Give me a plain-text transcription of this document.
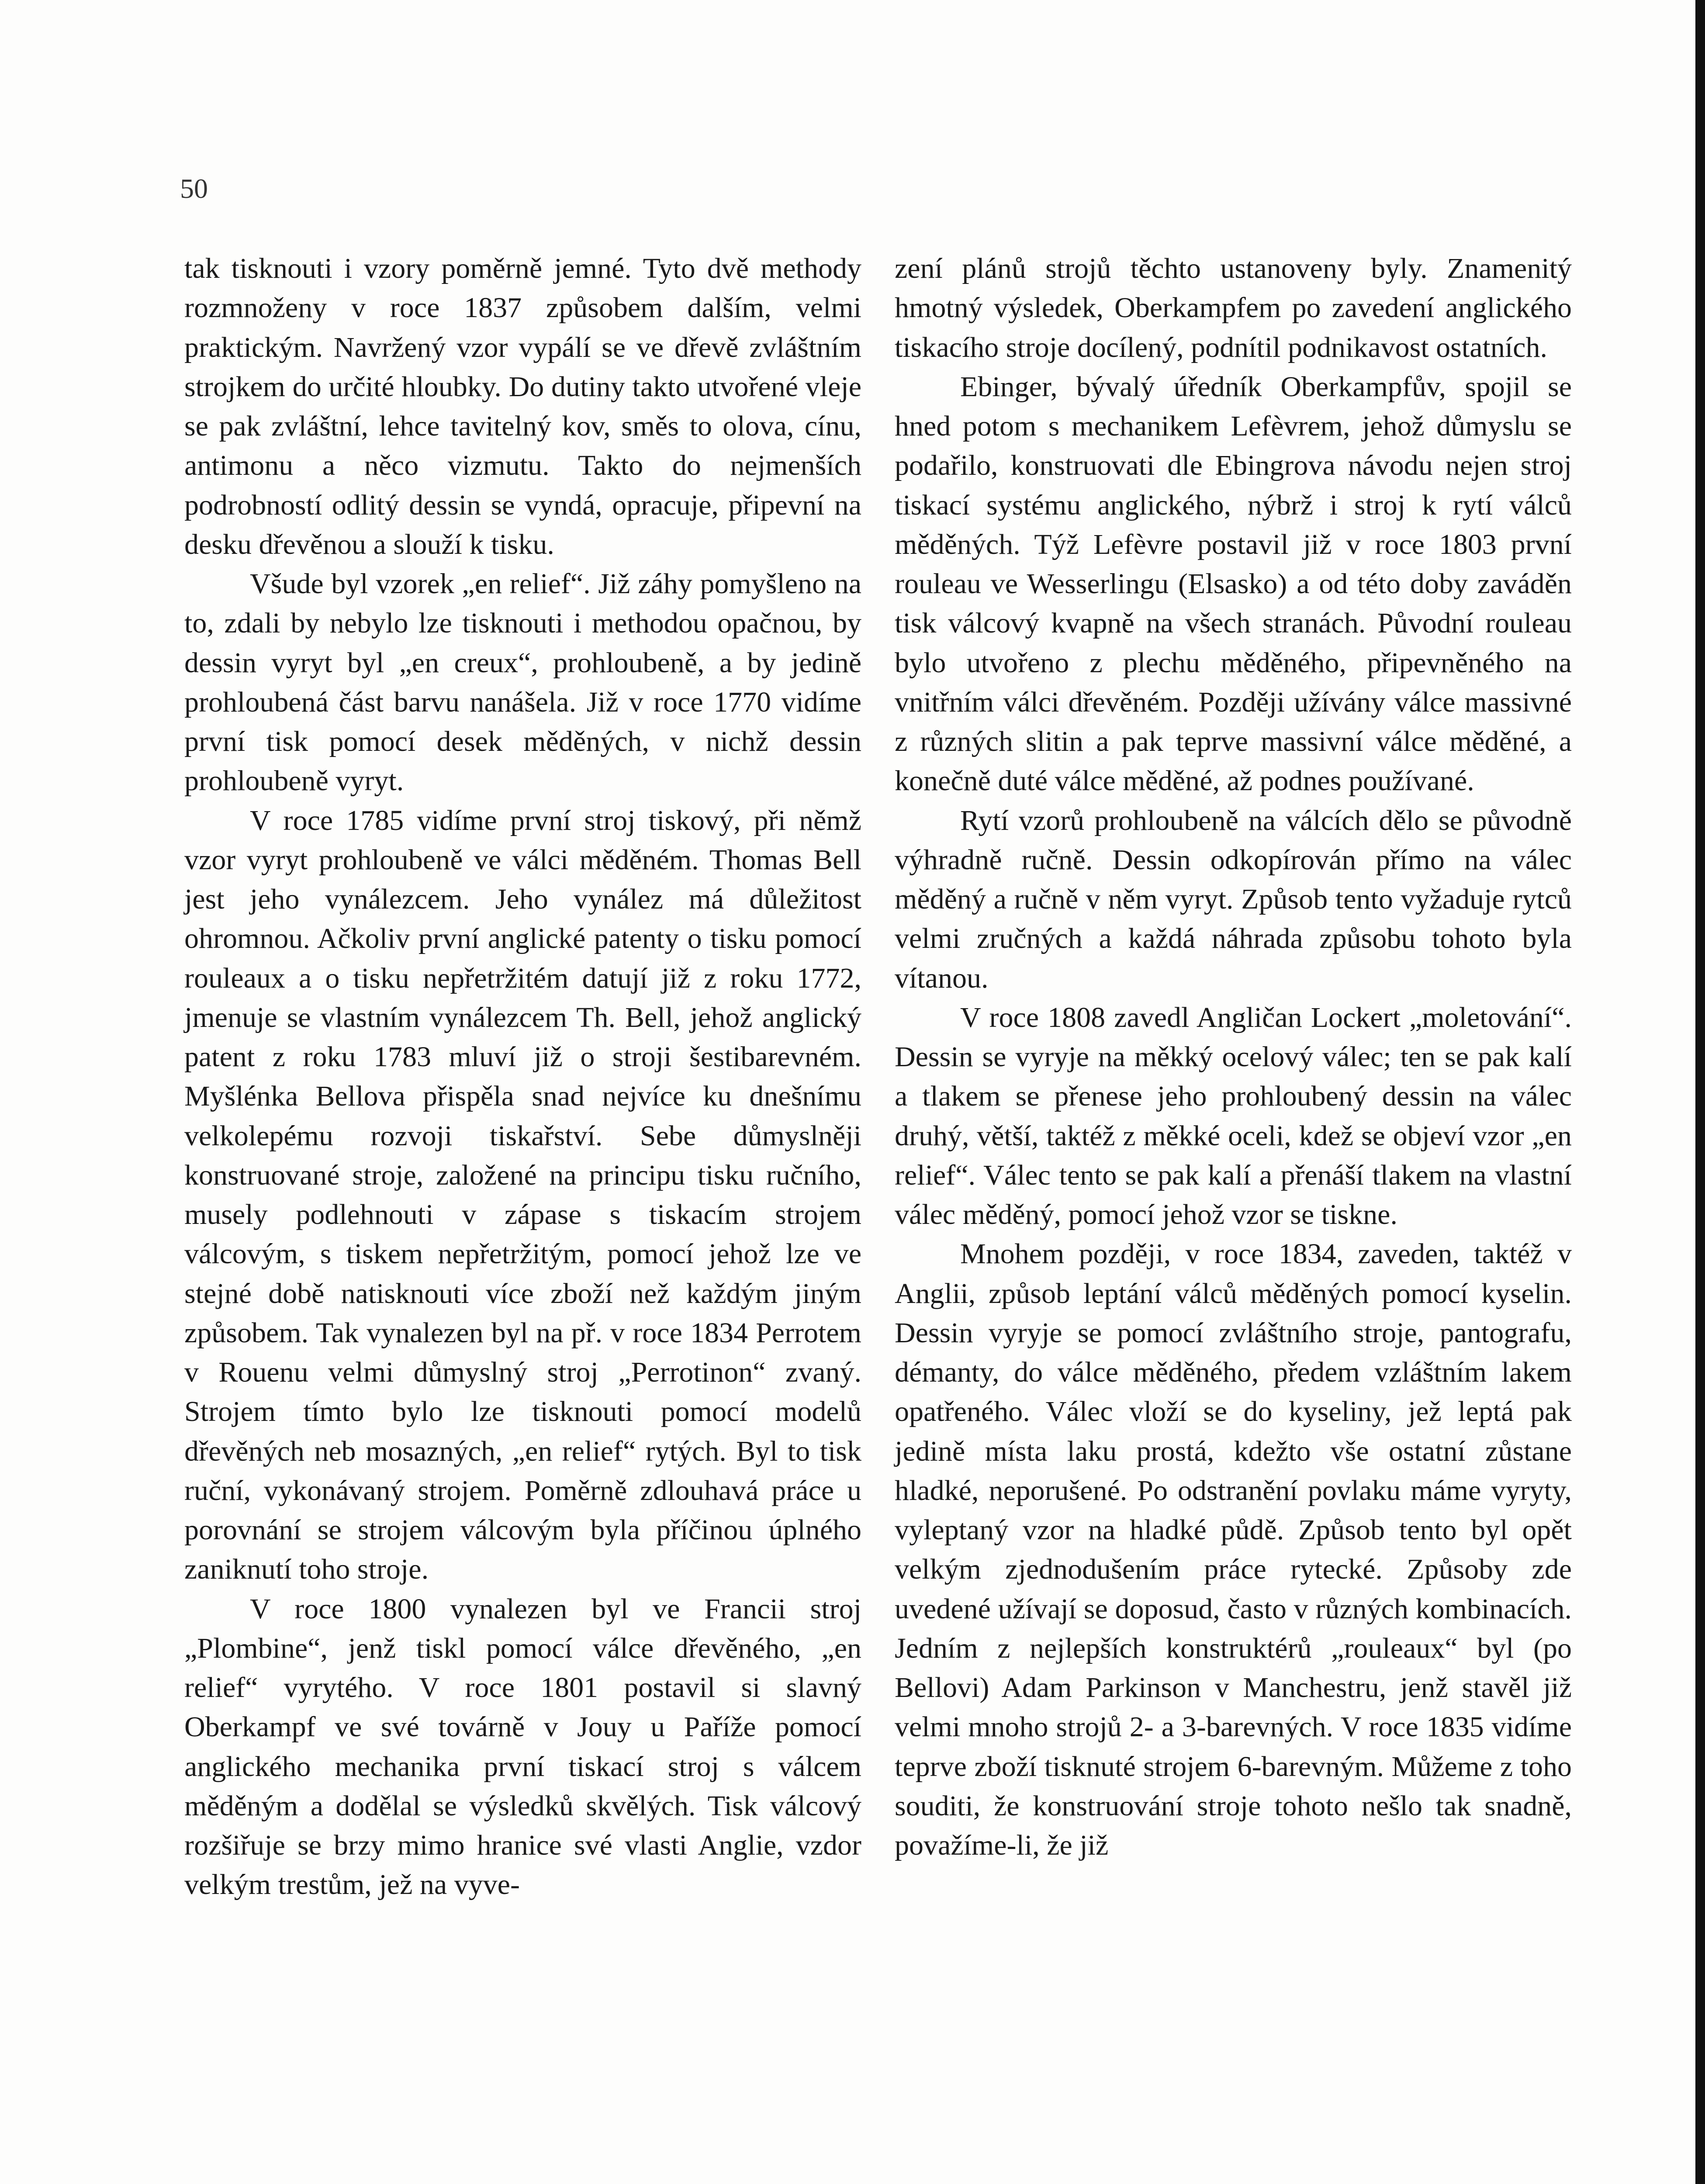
50

tak tisknouti i vzory poměrně jemné. Tyto dvě methody rozmnoženy v roce 1837 způsobem dalším, velmi praktickým. Navržený vzor vypálí se ve dřevě zvláštním strojkem do určité hloubky. Do dutiny takto utvořené vleje se pak zvláštní, lehce tavitelný kov, směs to olova, cínu, antimonu a něco vizmutu. Takto do nejmenších podrobností odlitý dessin se vyndá, opracuje, připevní na desku dřevěnou a slouží k tisku.

Všude byl vzorek „en relief“. Již záhy pomyšleno na to, zdali by nebylo lze tisknouti i methodou opačnou, by dessin vyryt byl „en creux“, prohloubeně, a by jedině prohloubená část barvu nanášela. Již v roce 1770 vidíme první tisk pomocí desek měděných, v nichž dessin prohloubeně vyryt.

V roce 1785 vidíme první stroj tiskový, při němž vzor vyryt prohloubeně ve válci měděném. Thomas Bell jest jeho vynálezcem. Jeho vynález má důležitost ohromnou. Ačkoliv první anglické patenty o tisku pomocí rouleaux a o tisku nepřetržitém datují již z roku 1772, jmenuje se vlastním vynálezcem Th. Bell, jehož anglický patent z roku 1783 mluví již o stroji šestibarevném. Myšlénka Bellova přispěla snad nejvíce ku dnešnímu velkolepému rozvoji tiskařství. Sebe důmyslněji konstruované stroje, založené na principu tisku ručního, musely podlehnouti v zápase s tiskacím strojem válcovým, s tiskem nepřetržitým, pomocí jehož lze ve stejné době natisknouti více zboží než každým jiným způsobem. Tak vynalezen byl na př. v roce 1834 Perrotem v Rouenu velmi důmyslný stroj „Perrotinon“ zvaný. Strojem tímto bylo lze tisknouti pomocí modelů dřevěných neb mosazných, „en relief“ rytých. Byl to tisk ruční, vykonávaný strojem. Poměrně zdlouhavá práce u porovnání se strojem válcovým byla příčinou úplného zaniknutí toho stroje.

V roce 1800 vynalezen byl ve Francii stroj „Plombine“, jenž tiskl pomocí válce dřevěného, „en relief“ vyrytého. V roce 1801 postavil si slavný Oberkampf ve své továrně v Jouy u Paříže pomocí anglického mechanika první tiskací stroj s válcem měděným a dodělal se výsledků skvělých. Tisk válcový rozšiřuje se brzy mimo hranice své vlasti Anglie, vzdor velkým trestům, jež na vyve-

zení plánů strojů těchto ustanoveny byly. Znamenitý hmotný výsledek, Oberkampfem po zavedení anglického tiskacího stroje docílený, podnítil podnikavost ostatních.

Ebinger, bývalý úředník Oberkampfův, spojil se hned potom s mechanikem Lefèvrem, jehož důmyslu se podařilo, konstruovati dle Ebingrova návodu nejen stroj tiskací systému anglického, nýbrž i stroj k rytí válců měděných. Týž Lefèvre postavil již v roce 1803 první rouleau ve Wesserlingu (Elsasko) a od této doby zaváděn tisk válcový kvapně na všech stranách. Původní rouleau bylo utvořeno z plechu měděného, připevněného na vnitřním válci dřevěném. Později užívány válce massivné z různých slitin a pak teprve massivní válce měděné, a konečně duté válce měděné, až podnes používané.

Rytí vzorů prohloubeně na válcích dělo se původně výhradně ručně. Dessin odkopírován přímo na válec měděný a ručně v něm vyryt. Způsob tento vyžaduje rytců velmi zručných a každá náhrada způsobu tohoto byla vítanou.

V roce 1808 zavedl Angličan Lockert „moletování“. Dessin se vyryje na měkký ocelový válec; ten se pak kalí a tlakem se přenese jeho prohloubený dessin na válec druhý, větší, taktéž z měkké oceli, kdež se objeví vzor „en relief“. Válec tento se pak kalí a přenáší tlakem na vlastní válec měděný, pomocí jehož vzor se tiskne.

Mnohem později, v roce 1834, zaveden, taktéž v Anglii, způsob leptání válců měděných pomocí kyselin. Dessin vyryje se pomocí zvláštního stroje, pantografu, démanty, do válce měděného, předem vzláštním lakem opatřeného. Válec vloží se do kyseliny, jež leptá pak jedině místa laku prostá, kdežto vše ostatní zůstane hladké, neporušené. Po odstranění povlaku máme vyryty, vyleptaný vzor na hladké půdě. Způsob tento byl opět velkým zjednodušením práce rytecké. Způsoby zde uvedené užívají se doposud, často v různých kombinacích. Jedním z nejlepších konstruktérů „rouleaux“ byl (po Bellovi) Adam Parkinson v Manchestru, jenž stavěl již velmi mnoho strojů 2- a 3-barevných. V roce 1835 vidíme teprve zboží tisknuté strojem 6-barevným. Můžeme z toho souditi, že konstruování stroje tohoto nešlo tak snadně, považíme-li, že již
